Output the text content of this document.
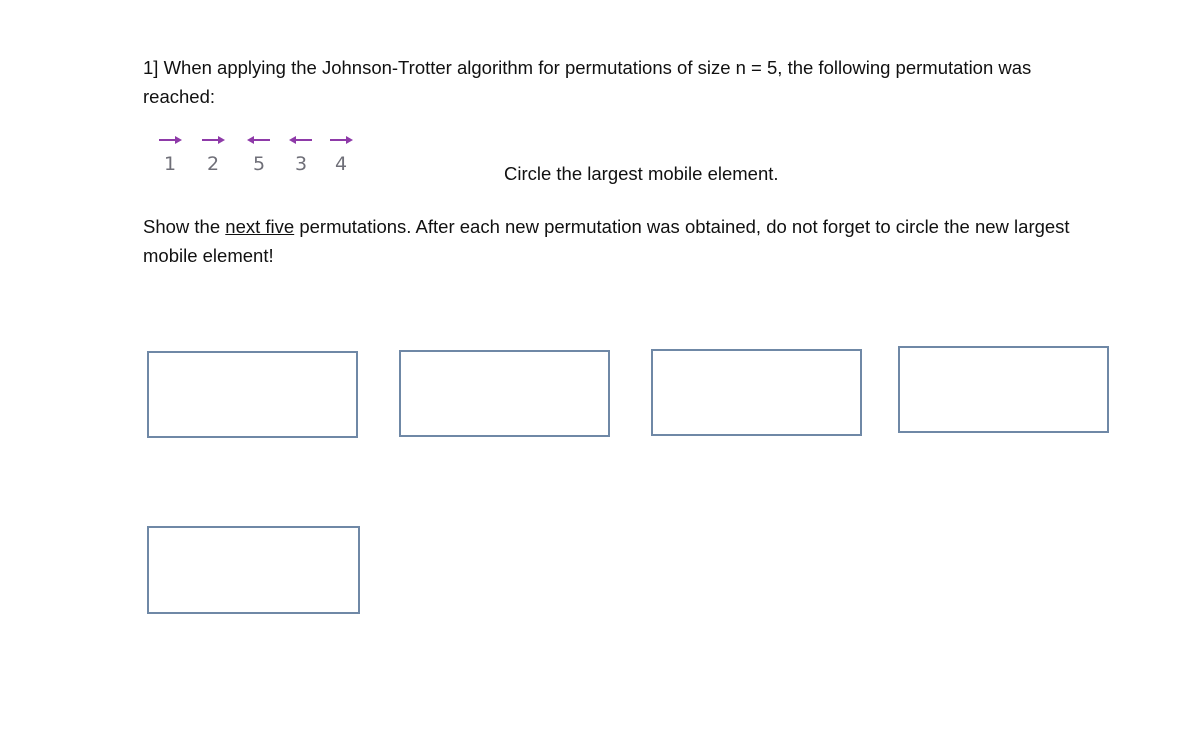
1] When applying the Johnson-Trotter algorithm for permutations of size n = 5, the following permutation was reached:

1	2	5	3	4	Circle the largest mobile element.

Show the next five permutations. After each new permutation was obtained, do not forget to circle the new largest mobile element!
